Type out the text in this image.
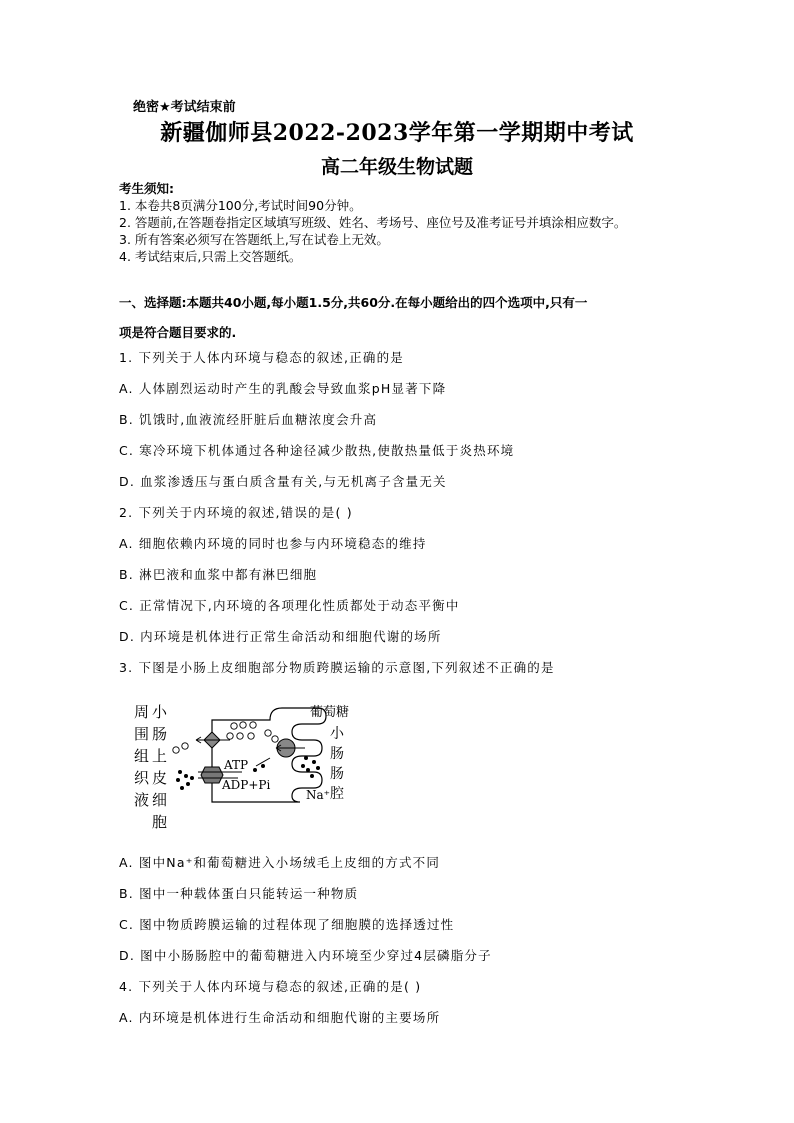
绝密★考试结束前
新疆伽师县2022-2023学年第一学期期中考试
高二年级生物试题
考生须知:
1. 本卷共8页满分100分,考试时间90分钟。
2. 答题前,在答题卷指定区域填写班级、姓名、考场号、座位号及准考证号并填涂相应数字。
3. 所有答案必须写在答题纸上,写在试卷上无效。
4. 考试结束后,只需上交答题纸。
一、选择题:本题共40小题,每小题1.5分,共60分.在每小题给出的四个选项中,只有一
项是符合题目要求的.
1. 下列关于人体内环境与稳态的叙述,正确的是
A. 人体剧烈运动时产生的乳酸会导致血浆pH显著下降
B. 饥饿时,血液流经肝脏后血糖浓度会升高
C. 寒冷环境下机体通过各种途径减少散热,使散热量低于炎热环境
D. 血浆渗透压与蛋白质含量有关,与无机离子含量无关
2. 下列关于内环境的叙述,错误的是( )
A. 细胞依赖内环境的同时也参与内环境稳态的维持
B. 淋巴液和血浆中都有淋巴细胞
C. 正常情况下,内环境的各项理化性质都处于动态平衡中
D. 内环境是机体进行正常生命活动和细胞代谢的场所
3. 下图是小肠上皮细胞部分物质跨膜运输的示意图,下列叙述不正确的是
周
围
组
织
液
小
肠
上
皮
细
胞
ATP
ADP+Pi
葡萄糖
小
肠
肠
腔
Na⁺
A. 图中Na⁺和葡萄糖进入小场绒毛上皮细的方式不同
B. 图中一种载体蛋白只能转运一种物质
C. 图中物质跨膜运输的过程体现了细胞膜的选择透过性
D. 图中小肠肠腔中的葡萄糖进入内环境至少穿过4层磷脂分子
4. 下列关于人体内环境与稳态的叙述,正确的是( )
A. 内环境是机体进行生命活动和细胞代谢的主要场所
